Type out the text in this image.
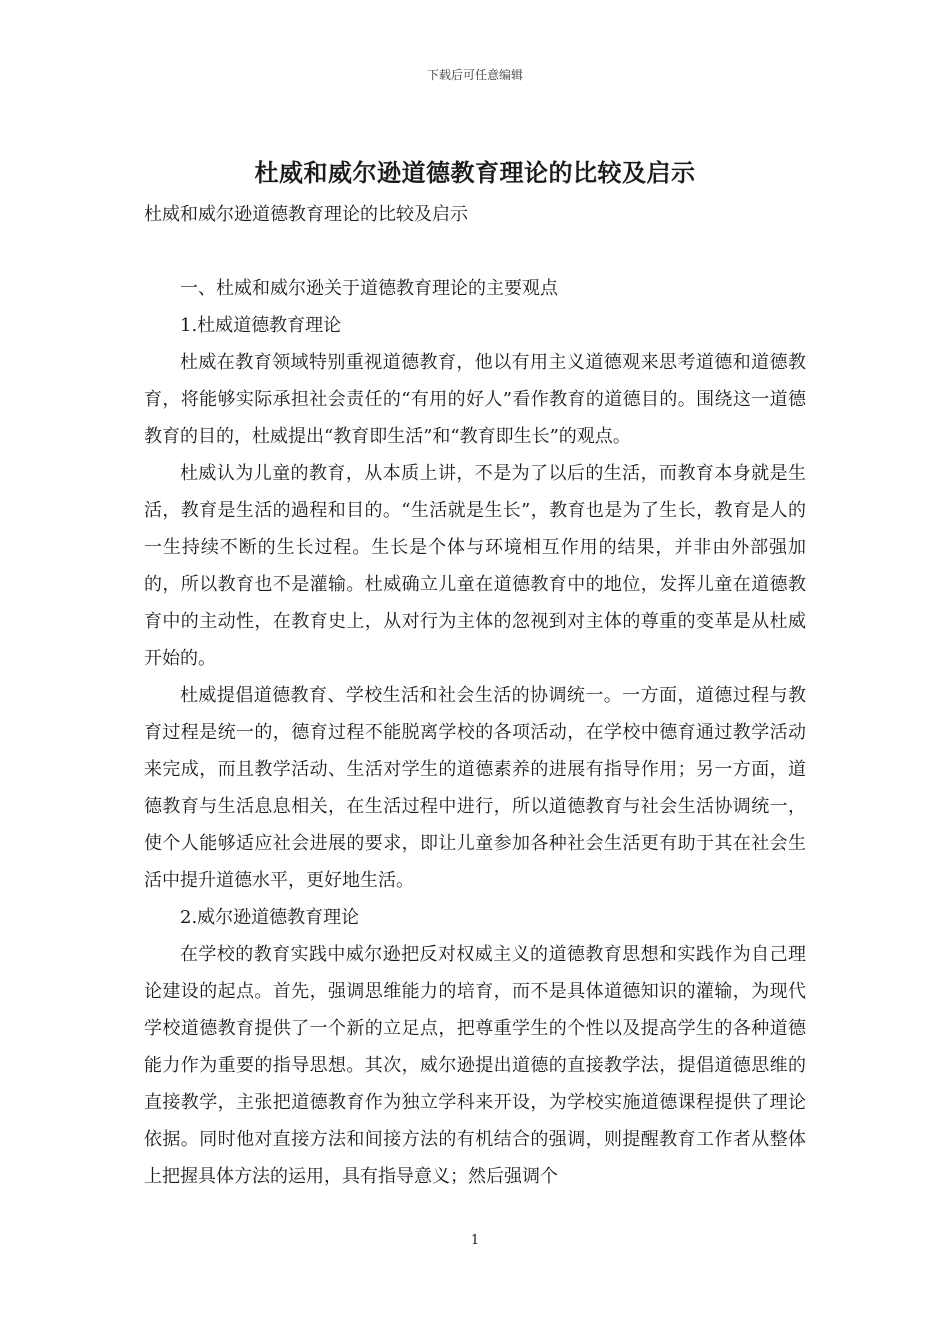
下载后可任意编辑
杜威和威尔逊道德教育理论的比较及启示

杜威和威尔逊道德教育理论的比较及启示

一、杜威和威尔逊关于道德教育理论的主要观点

1.杜威道德教育理论

杜威在教育领域特别重视道德教育，他以有用主义道德观来思考道德和道德教育，将能够实际承担社会责任的“有用的好人”看作教育的道德目的。围绕这一道德教育的目的，杜威提出“教育即生活”和“教育即生长”的观点。

杜威认为儿童的教育，从本质上讲，不是为了以后的生活，而教育本身就是生活，教育是生活的過程和目的。“生活就是生长”，教育也是为了生长，教育是人的一生持续不断的生长过程。生长是个体与环境相互作用的结果，并非由外部强加的，所以教育也不是灌输。杜威确立儿童在道德教育中的地位，发挥儿童在道德教育中的主动性，在教育史上，从对行为主体的忽视到对主体的尊重的变革是从杜威开始的。

杜威提倡道德教育、学校生活和社会生活的协调统一。一方面，道德过程与教育过程是统一的，德育过程不能脱离学校的各项活动，在学校中德育通过教学活动来完成，而且教学活动、生活对学生的道德素养的进展有指导作用；另一方面，道德教育与生活息息相关，在生活过程中进行，所以道德教育与社会生活协调统一，使个人能够适应社会进展的要求，即让儿童参加各种社会生活更有助于其在社会生活中提升道德水平，更好地生活。

2.威尔逊道德教育理论

在学校的教育实践中威尔逊把反对权威主义的道德教育思想和实践作为自己理论建设的起点。首先，强调思维能力的培育，而不是具体道德知识的灌输，为现代学校道德教育提供了一个新的立足点，把尊重学生的个性以及提高学生的各种道德能力作为重要的指导思想。其次，威尔逊提出道德的直接教学法，提倡道德思维的直接教学，主张把道德教育作为独立学科来开设，为学校实施道德课程提供了理论依据。同时他对直接方法和间接方法的有机结合的强调，则提醒教育工作者从整体上把握具体方法的运用，具有指导意义；然后强调个

1
